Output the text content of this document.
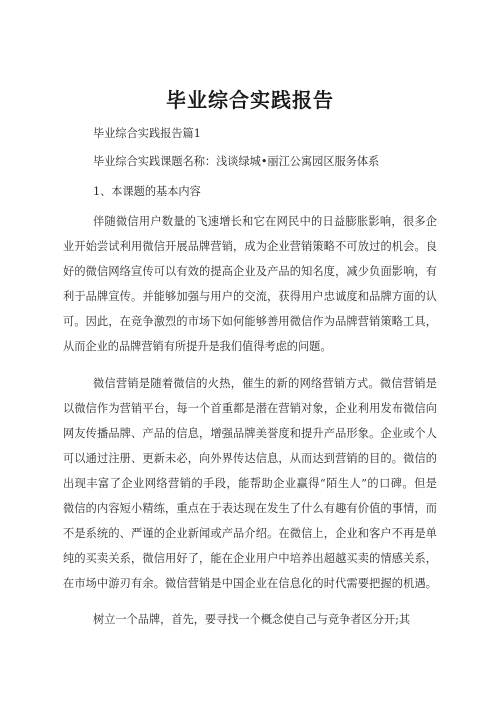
毕业综合实践报告
毕业综合实践报告篇1
毕业综合实践课题名称：浅谈绿城•丽江公寓园区服务体系
1、本课题的基本内容
伴随微信用户数量的飞速增长和它在网民中的日益膨胀影响，很多企
业开始尝试利用微信开展品牌营销，成为企业营销策略不可放过的机会。良
好的微信网络宣传可以有效的提高企业及产品的知名度，减少负面影响，有
利于品牌宣传。并能够加强与用户的交流，获得用户忠诚度和品牌方面的认
可。因此，在竞争激烈的市场下如何能够善用微信作为品牌营销策略工具，
从而企业的品牌营销有所提升是我们值得考虑的问题。
微信营销是随着微信的火热，催生的新的网络营销方式。微信营销是
以微信作为营销平台，每一个首重都是潜在营销对象，企业利用发布微信向
网友传播品牌、产品的信息，增强品牌美誉度和提升产品形象。企业或个人
可以通过注册、更新未必，向外界传达信息，从而达到营销的目的。微信的
出现丰富了企业网络营销的手段，能帮助企业赢得“陌生人”的口碑。但是
微信的内容短小精练，重点在于表达现在发生了什么有趣有价值的事情，而
不是系统的、严谨的企业新闻或产品介绍。在微信上，企业和客户不再是单
纯的买卖关系，微信用好了，能在企业用户中培养出超越买卖的情感关系，
在市场中游刃有余。微信营销是中国企业在信息化的时代需要把握的机遇。
树立一个品牌，首先，要寻找一个概念使自己与竞争者区分开;其
